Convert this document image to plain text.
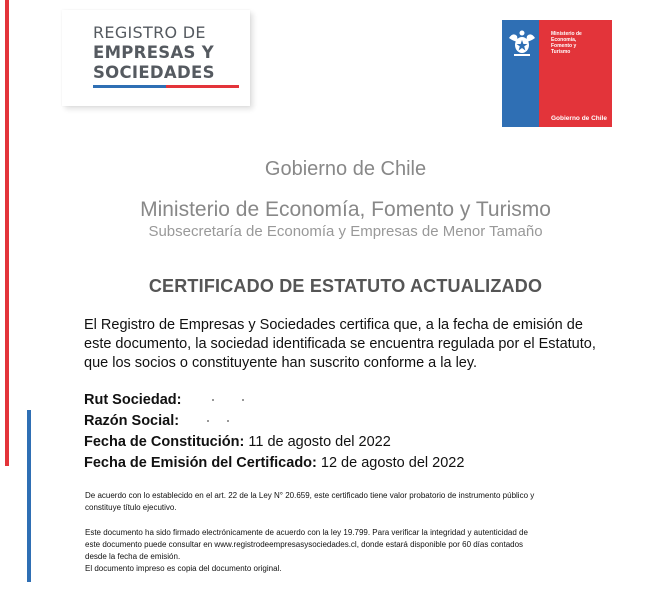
REGISTRO DE
EMPRESAS Y
SOCIEDADES
Ministerio de
Economía,
Fomento y
Turismo
Gobierno de Chile
Gobierno de Chile
Ministerio de Economía, Fomento y Turismo
Subsecretaría de Economía y Empresas de Menor Tamaño
CERTIFICADO DE ESTATUTO ACTUALIZADO
El Registro de Empresas y Sociedades certifica que, a la fecha de emisión de
este documento, la sociedad identificada se encuentra regulada por el Estatuto,
que los socios o constituyente han suscrito conforme a la ley.
Rut Sociedad:
Razón Social:
Fecha de Constitución: 11 de agosto del 2022
Fecha de Emisión del Certificado: 12 de agosto del 2022
De acuerdo con lo establecido en el art. 22 de la Ley N° 20.659, este certificado tiene valor probatorio de instrumento público y
constituye título ejecutivo.
Este documento ha sido firmado electrónicamente de acuerdo con la ley 19.799. Para verificar la integridad y autenticidad de
este documento puede consultar en www.registrodeempresasysociedades.cl, donde estará disponible por 60 días contados
desde la fecha de emisión.
El documento impreso es copia del documento original.
